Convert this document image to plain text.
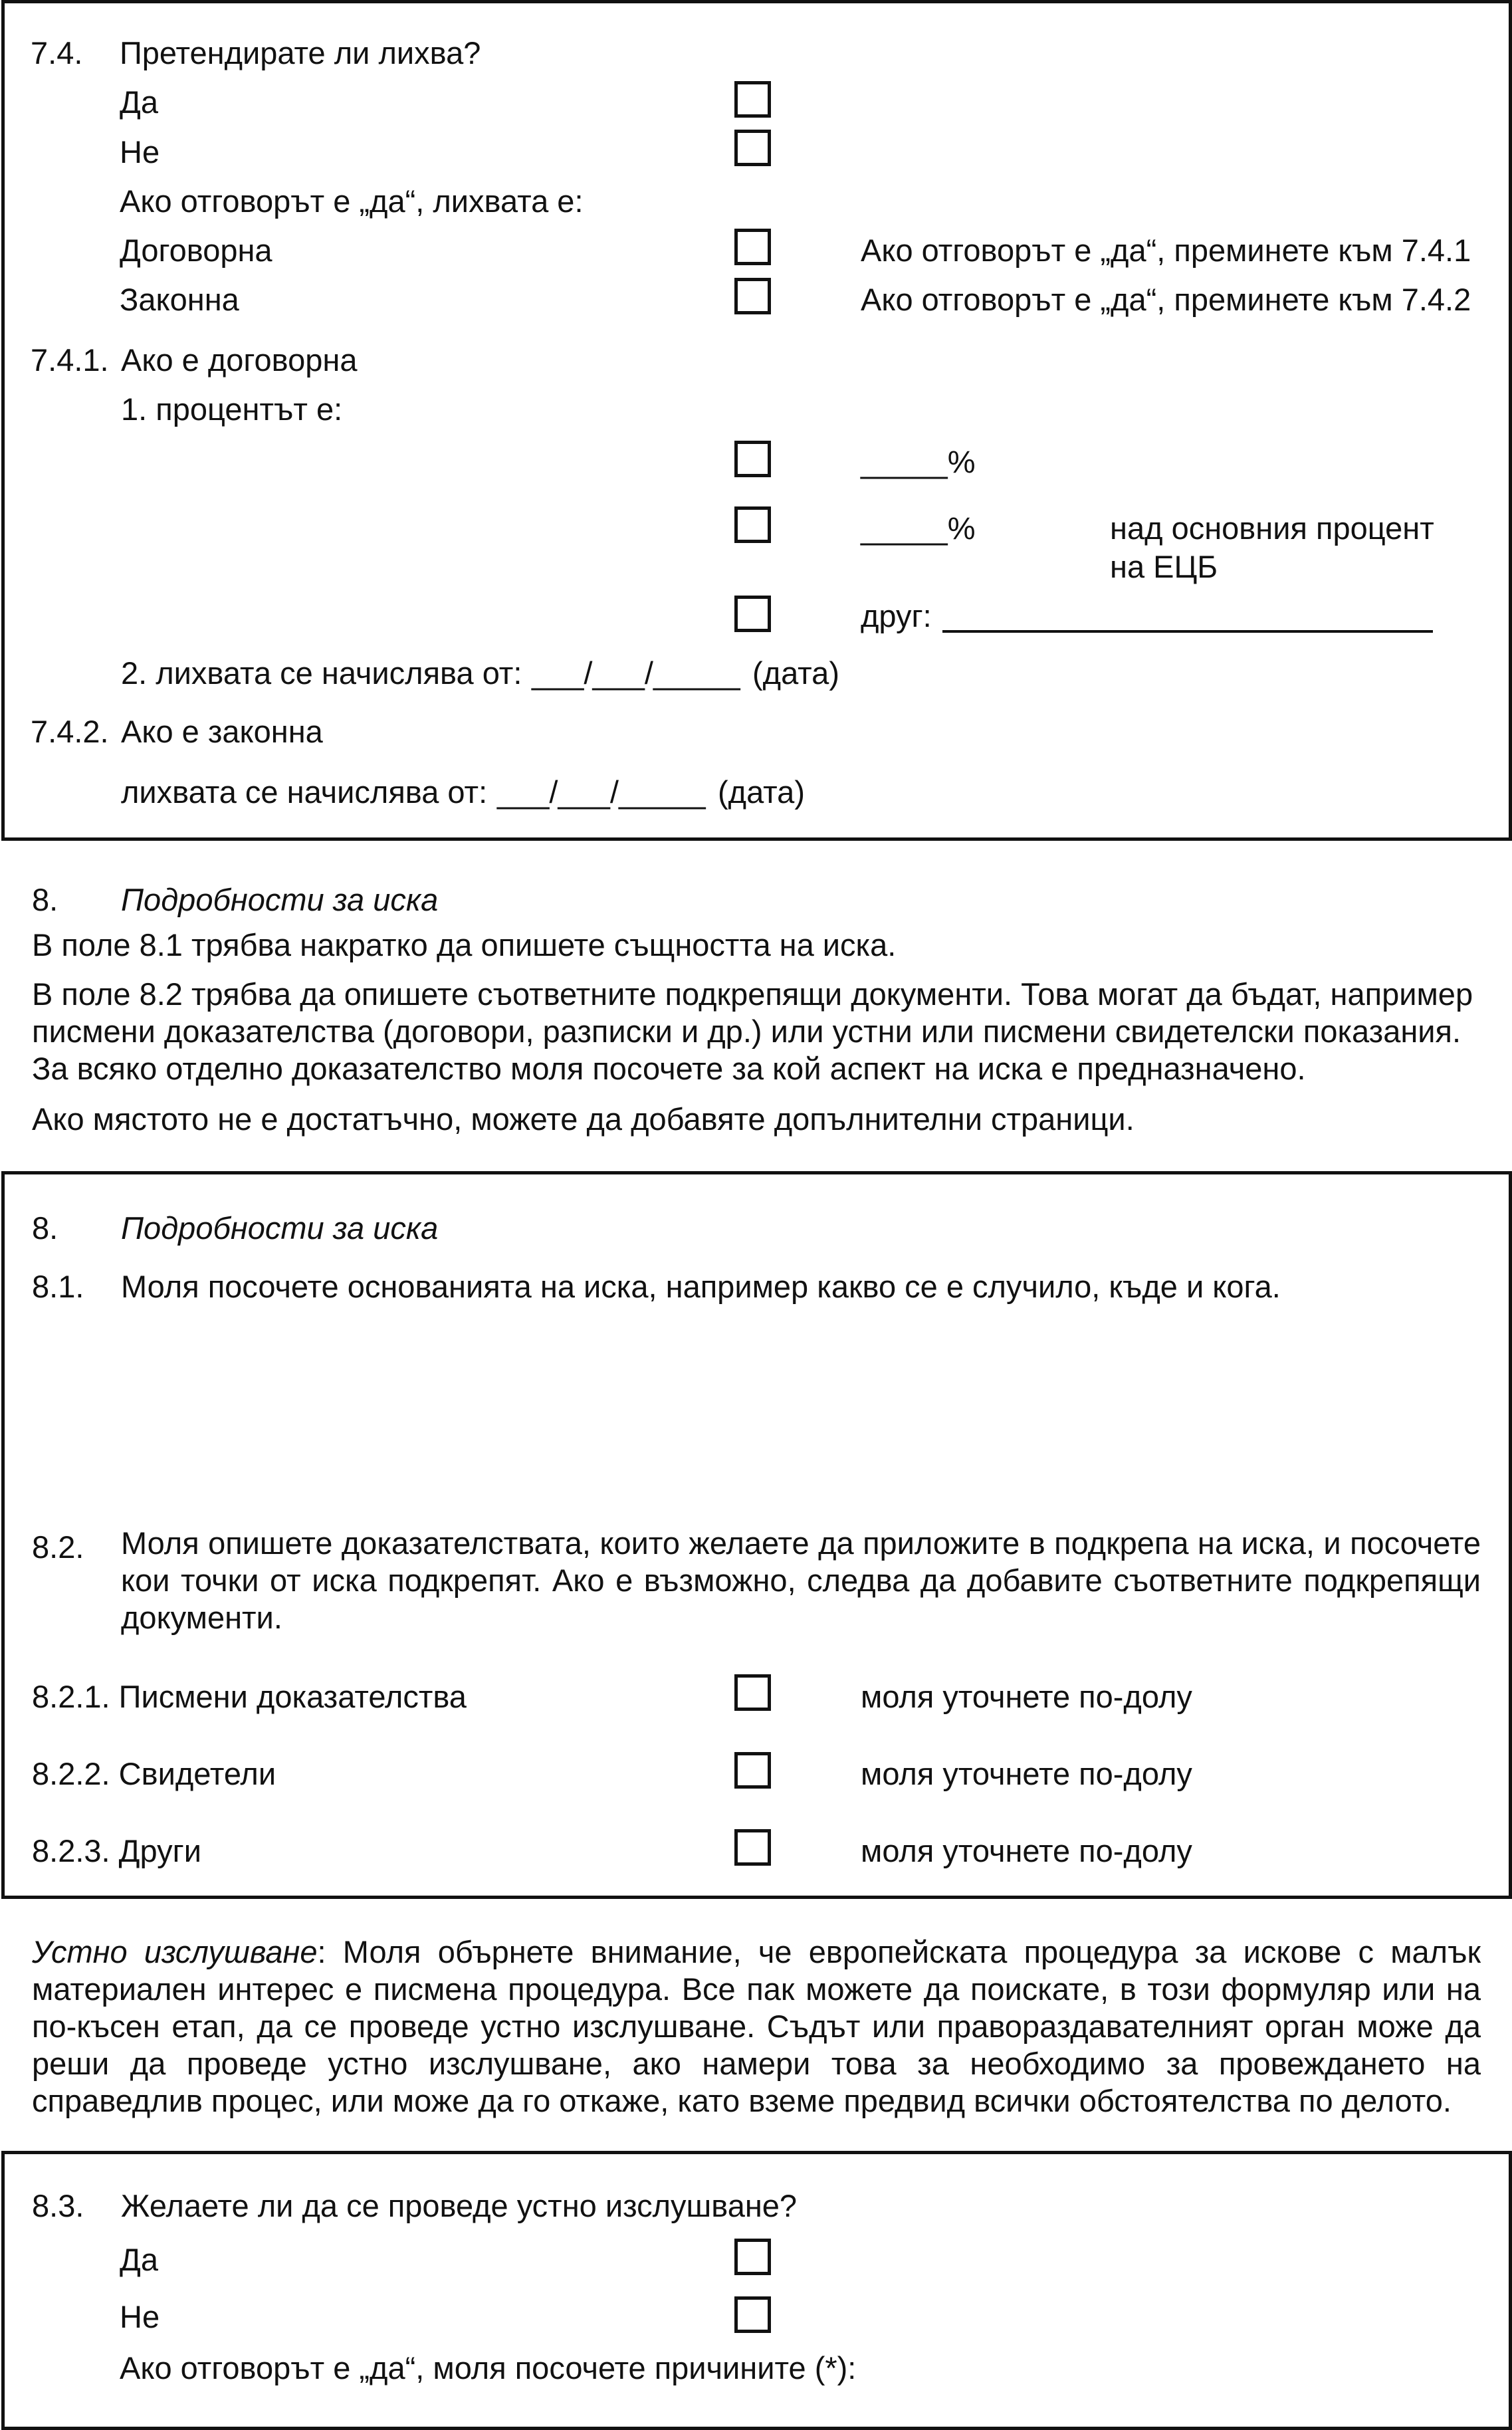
7.4. Претендирате ли лихва?
Да
Не
Ако отговорът е „да“, лихвата е:
Договорна	Ако отговорът е „да“, преминете към 7.4.1
Законна	Ако отговорът е „да“, преминете към 7.4.2
7.4.1. Ако е договорна
1. процентът е:
_____%
_____%	над основния процент
на ЕЦБ
друг:
2. лихвата се начислява от: ___/___/_____ (дата)
7.4.2. Ако е законна
лихвата се начислява от: ___/___/_____ (дата)
8. Подробности за иска
В поле 8.1 трябва накратко да опишете същността на иска.
В поле 8.2 трябва да опишете съответните подкрепящи документи. Това могат да бъдат, например писмени доказателства (договори, разписки и др.) или устни или писмени свидетелски показания. За всяко отделно доказателство моля посочете за кой аспект на иска е предназначено.
Ако мястото не е достатъчно, можете да добавяте допълнителни страници.
8. Подробности за иска
8.1. Моля посочете основанията на иска, например какво се е случило, къде и кога.
8.2. Моля опишете доказателствата, които желаете да приложите в подкрепа на иска, и посочете кои точки от иска подкрепят. Ако е възможно, следва да добавите съответните подкрепящи документи.
8.2.1. Писмени доказателства	моля уточнете по-долу
8.2.2. Свидетели	моля уточнете по-долу
8.2.3. Други	моля уточнете по-долу
Устно изслушване: Моля обърнете внимание, че европейската процедура за искове с малък материален интерес е писмена процедура. Все пак можете да поискате, в този формуляр или на по-късен етап, да се проведе устно изслушване. Съдът или правораздавателният орган може да реши да проведе устно изслушване, ако намери това за необходимо за провеждането на справедлив процес, или може да го откаже, като вземе предвид всички обстоятелства по делото.
8.3. Желаете ли да се проведе устно изслушване?
Да
Не
Ако отговорът е „да“, моля посочете причините (*):
